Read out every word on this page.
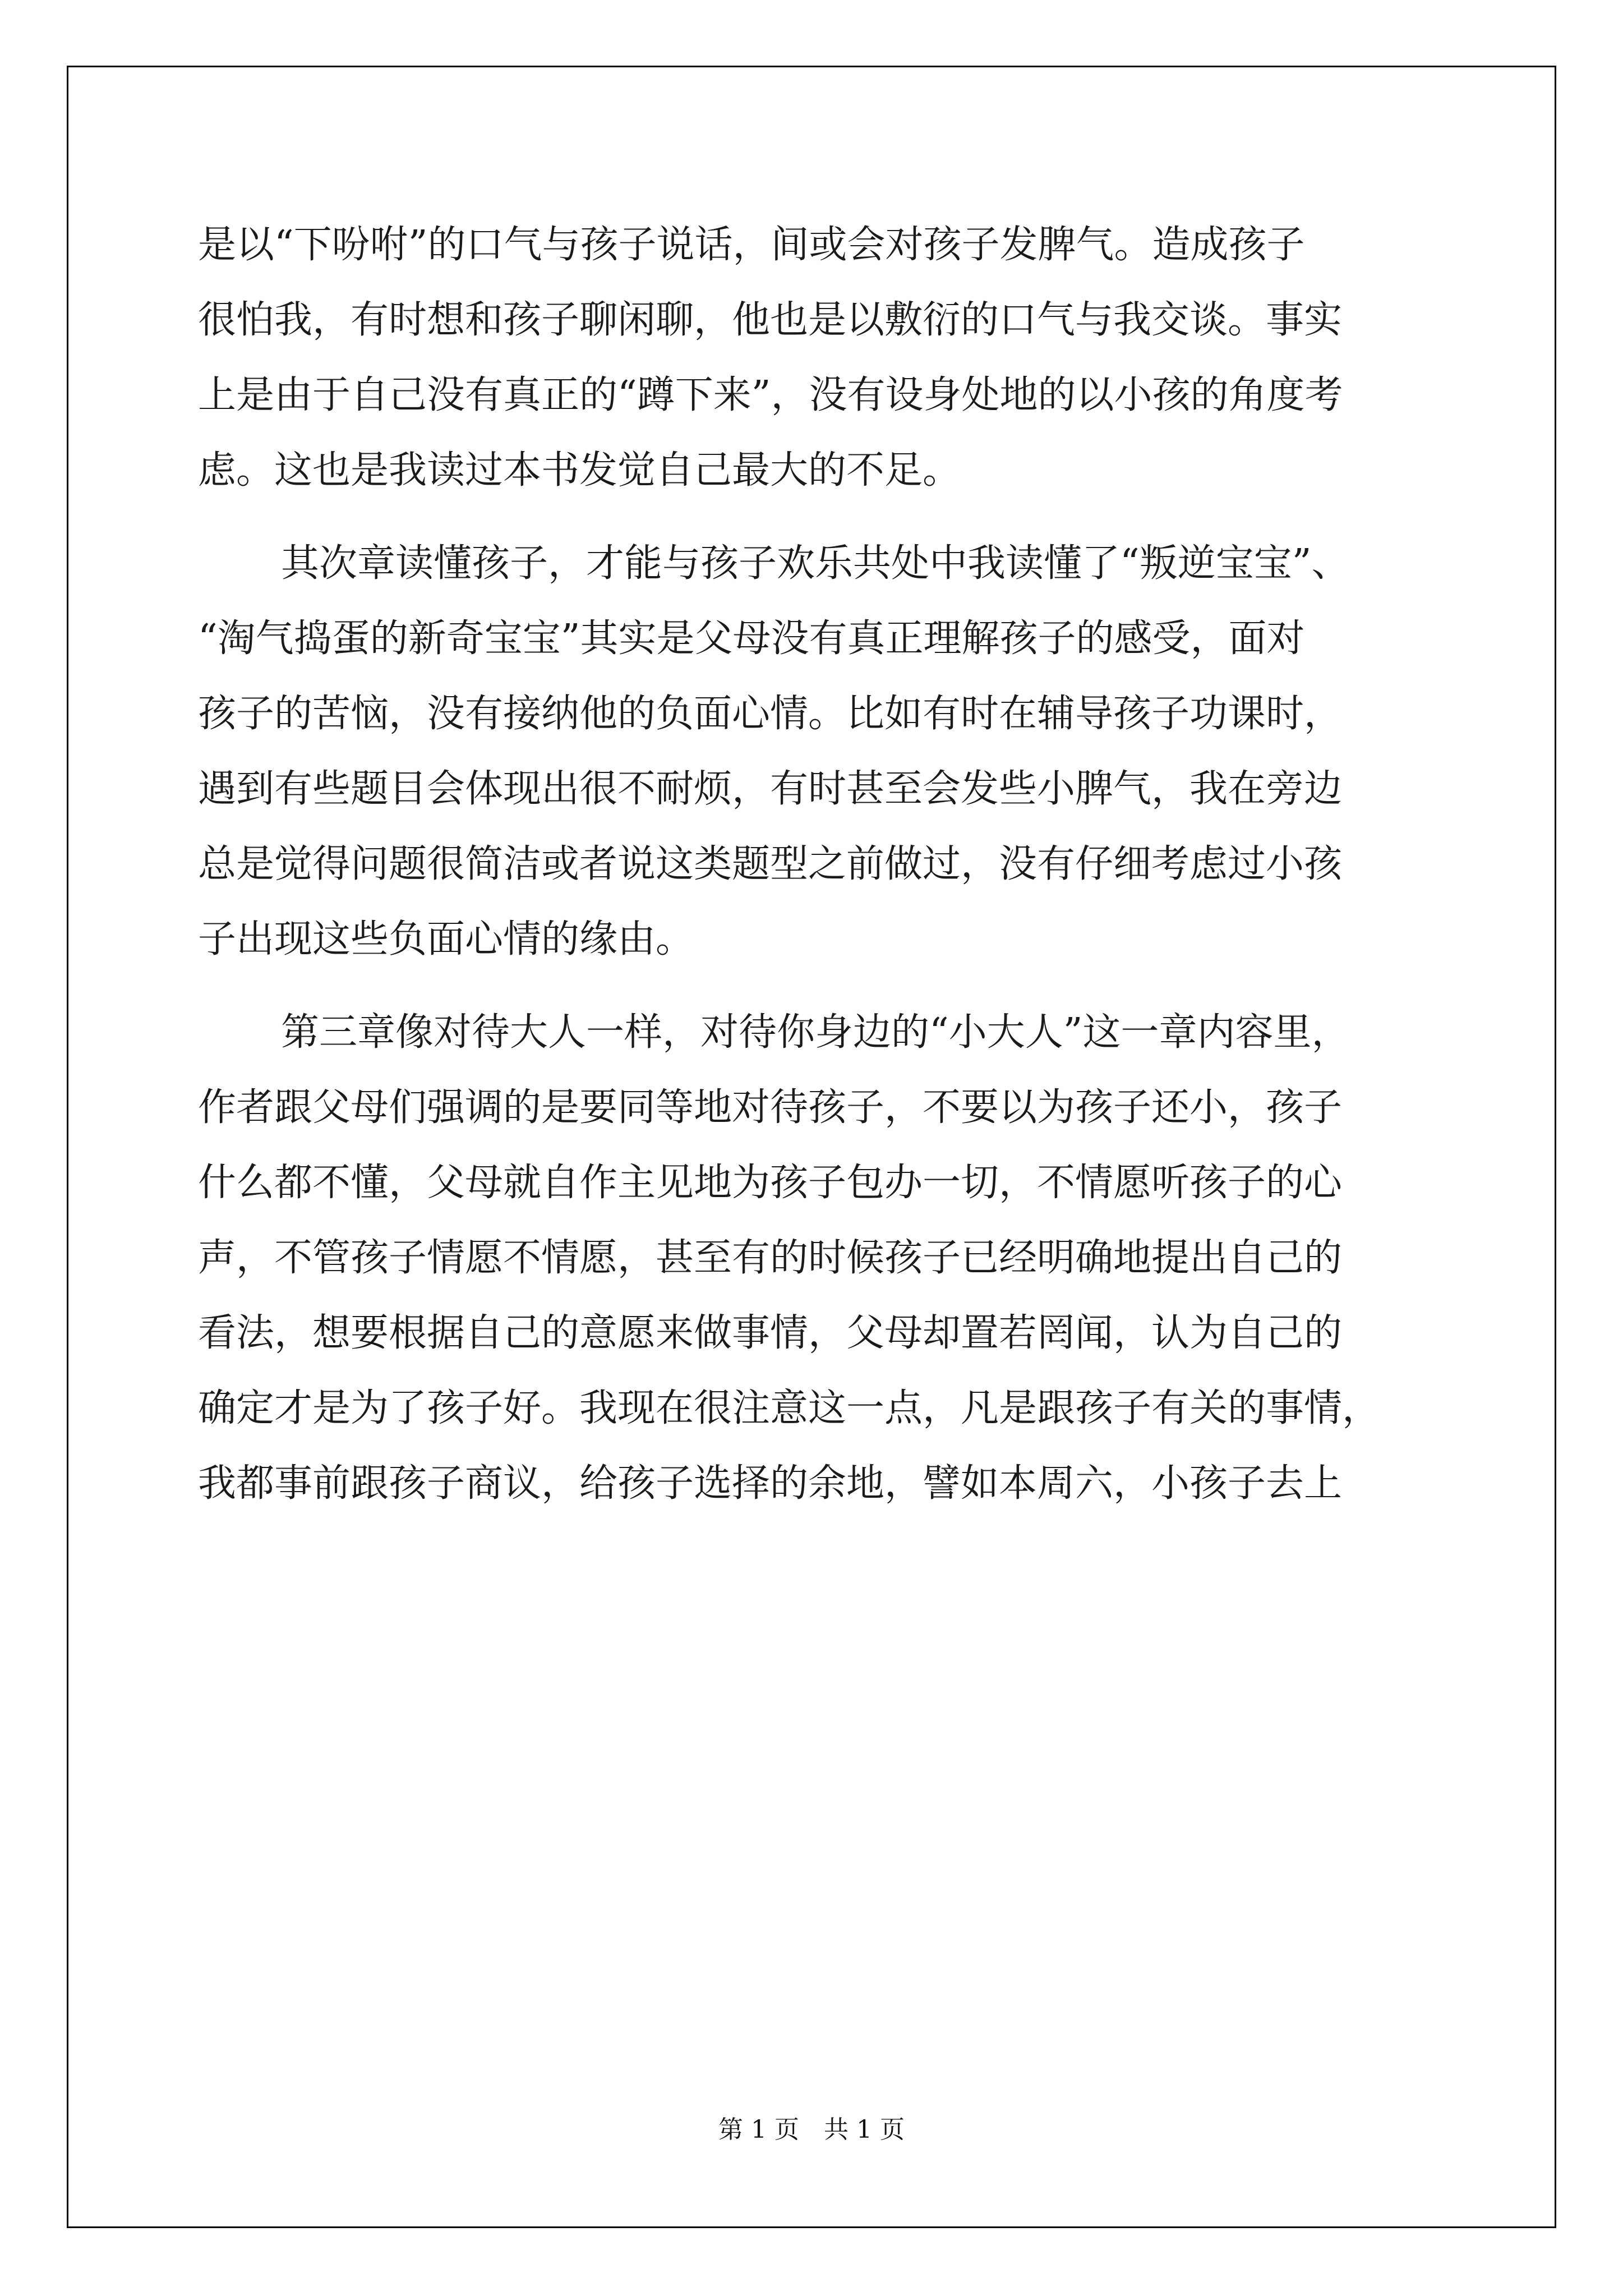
是以“下吩咐”的口气与孩子说话，间或会对孩子发脾气。造成孩子
很怕我，有时想和孩子聊闲聊，他也是以敷衍的口气与我交谈。事实
上是由于自己没有真正的“蹲下来”，没有设身处地的以小孩的角度考
虑。这也是我读过本书发觉自己最大的不足。
其次章读懂孩子，才能与孩子欢乐共处中我读懂了“叛逆宝宝”、
“淘气捣蛋的新奇宝宝”其实是父母没有真正理解孩子的感受，面对
孩子的苦恼，没有接纳他的负面心情。比如有时在辅导孩子功课时，
遇到有些题目会体现出很不耐烦，有时甚至会发些小脾气，我在旁边
总是觉得问题很简洁或者说这类题型之前做过，没有仔细考虑过小孩
子出现这些负面心情的缘由。
第三章像对待大人一样，对待你身边的“小大人”这一章内容里，
作者跟父母们强调的是要同等地对待孩子，不要以为孩子还小，孩子
什么都不懂，父母就自作主见地为孩子包办一切，不情愿听孩子的心
声，不管孩子情愿不情愿，甚至有的时候孩子已经明确地提出自己的
看法，想要根据自己的意愿来做事情，父母却置若罔闻，认为自己的
确定才是为了孩子好。我现在很注意这一点，凡是跟孩子有关的事情，
我都事前跟孩子商议，给孩子选择的余地，譬如本周六，小孩子去上
第 1 页　共 1 页
